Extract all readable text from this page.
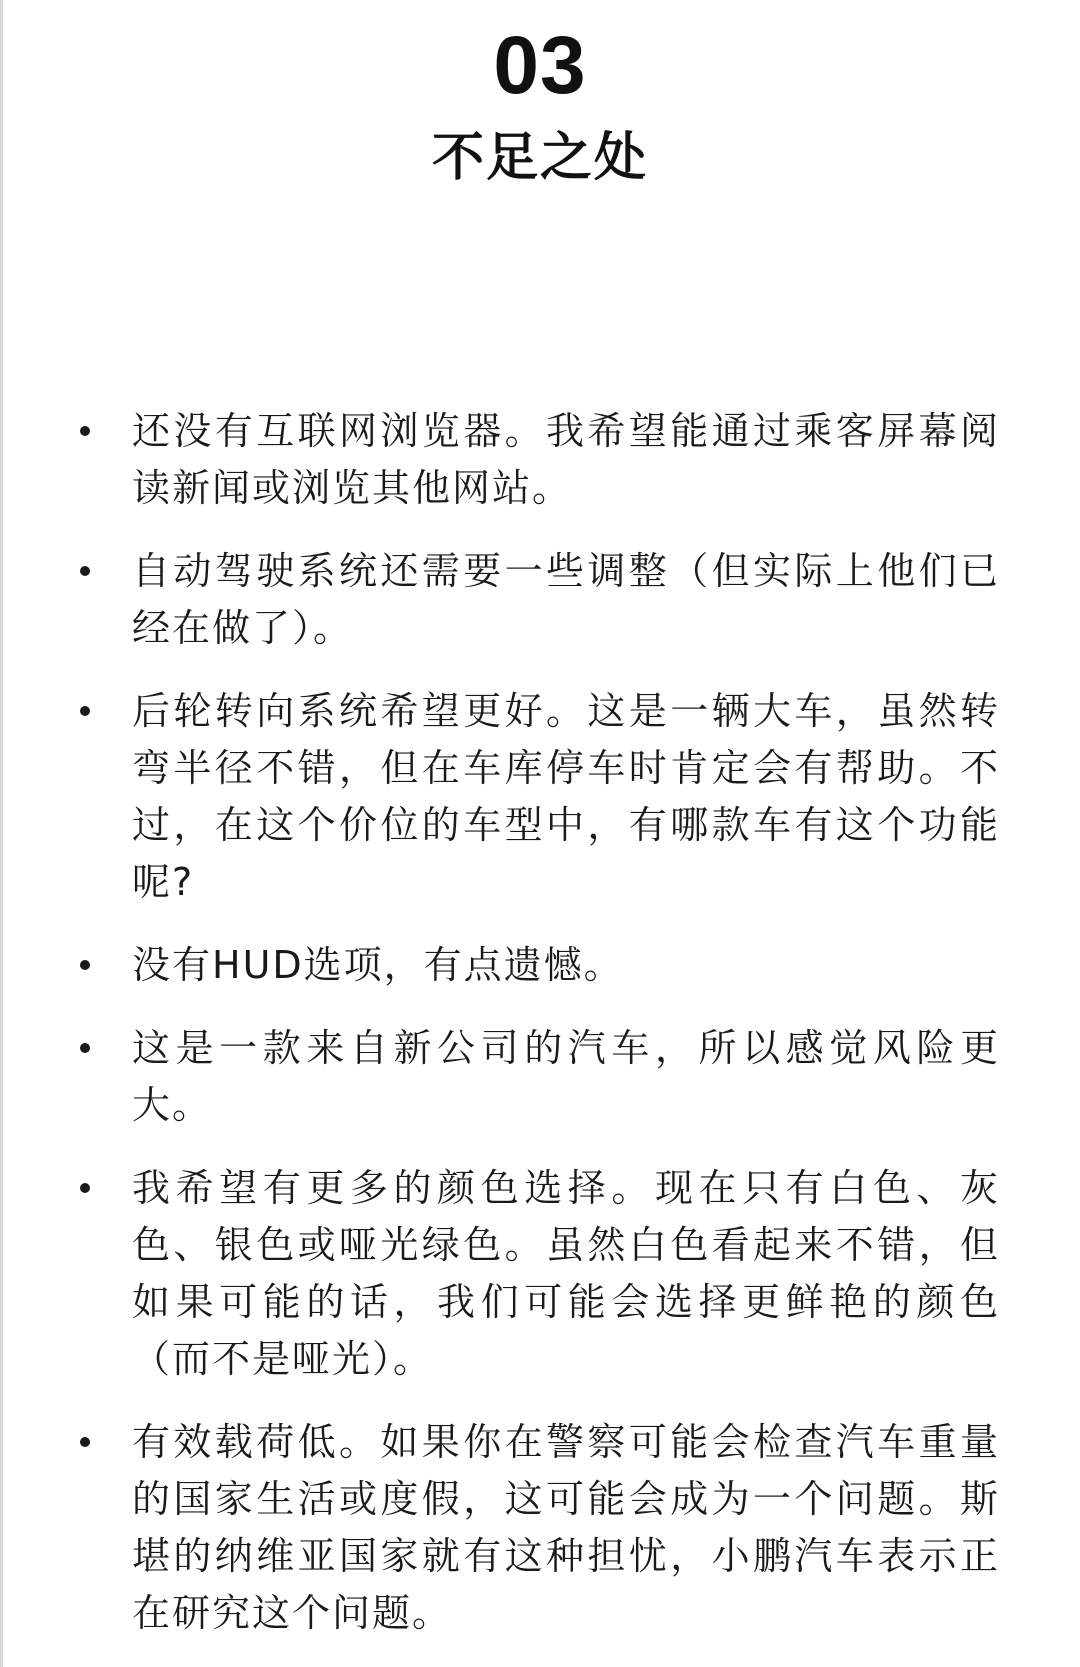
03
不足之处
还没有互联网浏览器。我希望能通过乘客屏幕阅读新闻或浏览其他网站。
自动驾驶系统还需要一些调整（但实际上他们已经在做了）。
后轮转向系统希望更好。这是一辆大车，虽然转弯半径不错，但在车库停车时肯定会有帮助。不过，在这个价位的车型中，有哪款车有这个功能呢?
没有HUD选项，有点遗憾。
这是一款来自新公司的汽车，所以感觉风险更大。
我希望有更多的颜色选择。现在只有白色、灰色、银色或哑光绿色。虽然白色看起来不错，但如果可能的话，我们可能会选择更鲜艳的颜色（而不是哑光）。
有效载荷低。如果你在警察可能会检查汽车重量的国家生活或度假，这可能会成为一个问题。斯堪的纳维亚国家就有这种担忧，小鹏汽车表示正在研究这个问题。
